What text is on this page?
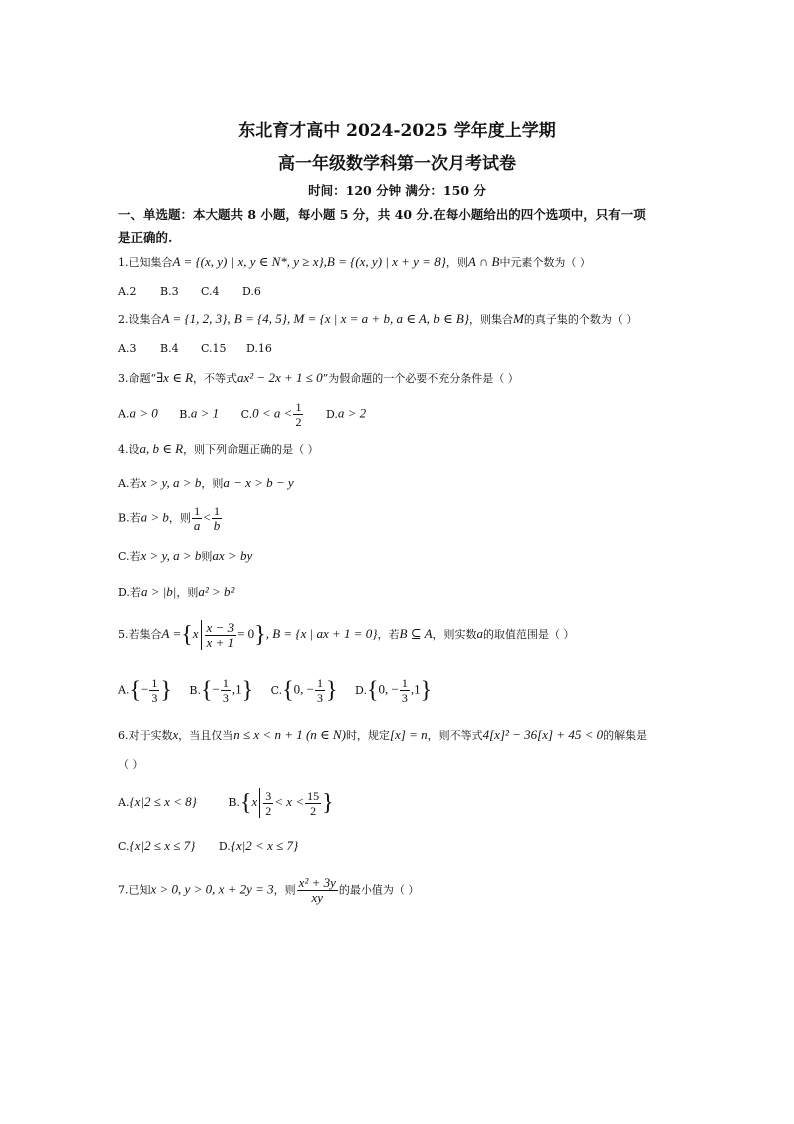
东北育才高中 2024-2025 学年度上学期
高一年级数学科第一次月考试卷
时间：120 分钟 满分：150 分
一、单选题：本大题共 8 小题，每小题 5 分，共 40 分.在每小题给出的四个选项中，只有一项
是正确的.
1.已知集合A = {(x, y) | x, y ∈ N*, y ≥ x},B = {(x, y) | x + y = 8}，则A ∩ B中元素个数为（ ）
A.2 B.3 C.4 D.6
2.设集合A = {1, 2, 3}, B = {4, 5}, M = {x | x = a + b, a ∈ A, b ∈ B}，则集合M的真子集的个数为（ ）
A.3 B.4 C.15 D.16
3.命题“∃x ∈ R，不等式ax² − 2x + 1 ≤ 0”为假命题的一个必要不充分条件是（ ）
A.a > 0 B.a > 1 $C.0 < a < \frac{1}{2} D.a > 2$
4.设a, b ∈ R，则下列命题正确的是（ ）
A.若x > y, a > b，则a − x > b − y
B.若a > b，则 $\frac{1}{a} < \frac{1}{b}$
C.若x > y, a > b则ax > by
D.若a > |b|，则a² > b²
5.若集合$A =\{x \frac{x - 3}{x + 1} = 0\}$, B = {x | ax + 1 = 0}，若B ⊆ A，则实数a的取值范围是（ ）
$A.\{- \frac{1}{3}$ } $B.\{- \frac{1}{3} ,1\}$ C.{0, − $\frac{1}{3}$ } D.{0, − $\frac{1}{3} ,1$}
6.对于实数x，当且仅当n ≤ x < n + 1 (n ∈ N)时，规定[x] = n，则不等式4[x]² − 36[x] + 45 < 0的解集是
（ ）
A.{x|2 ≤ x < 8}	$B.\{x \frac{3}{2} < x < \frac{15}{2}$ }
C.{x|2 ≤ x ≤ 7} D.{x|2 < x ≤ 7}
7.已知x > 0, y > 0, x + 2y = 3，则 $\frac{\text{x² + 3y}}{xy}$ 的最小值为（ ）
